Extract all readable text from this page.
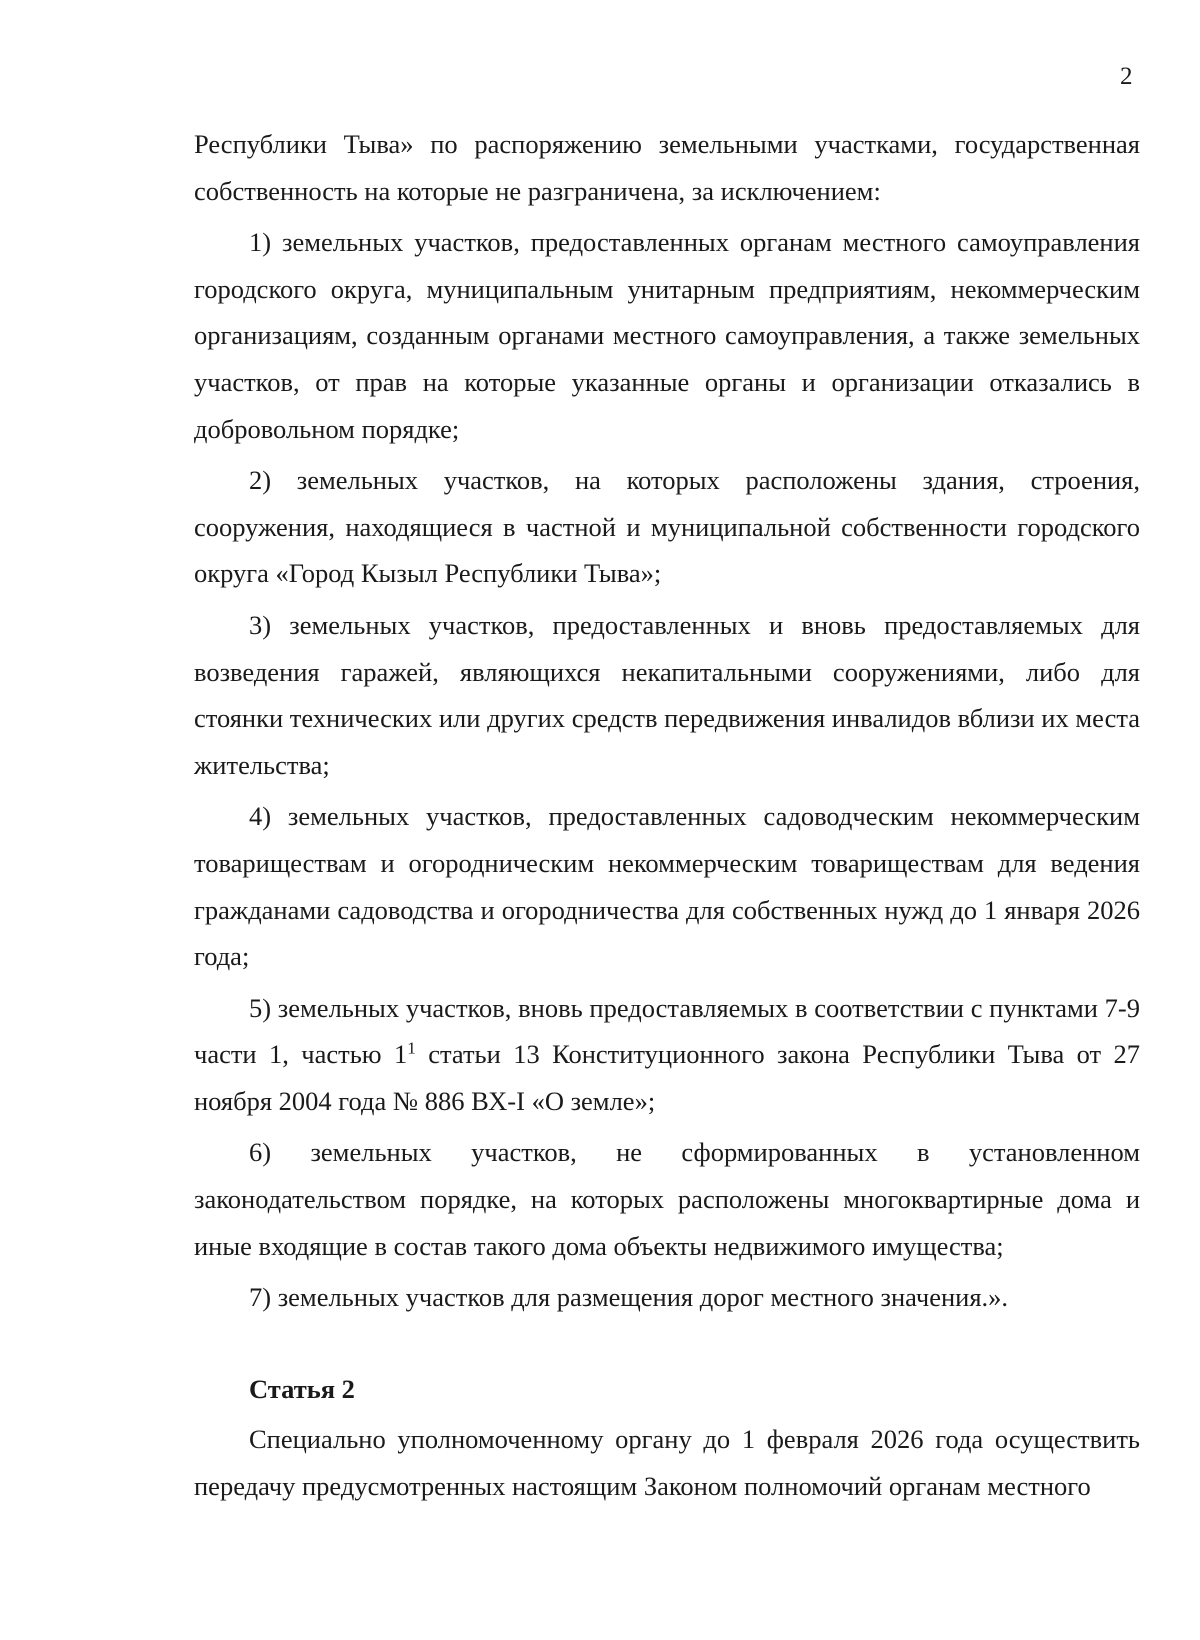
2

Республики Тыва» по распоряжению земельными участками, государственная собственность на которые не разграничена, за исключением:

1) земельных участков, предоставленных органам местного самоуправления городского округа, муниципальным унитарным предприятиям, некоммерческим организациям, созданным органами местного самоуправления, а также земельных участков, от прав на которые указанные органы и организации отказались в добровольном порядке;

2) земельных участков, на которых расположены здания, строения, сооружения, находящиеся в частной и муниципальной собственности городского округа «Город Кызыл Республики Тыва»;

3) земельных участков, предоставленных и вновь предоставляемых для возведения гаражей, являющихся некапитальными сооружениями, либо для стоянки технических или других средств передвижения инвалидов вблизи их места жительства;

4) земельных участков, предоставленных садоводческим некоммерческим товариществам и огородническим некоммерческим товариществам для ведения гражданами садоводства и огородничества для собственных нужд до 1 января 2026 года;

5) земельных участков, вновь предоставляемых в соответствии с пунктами 7-9 части 1, частью $1^1$ статьи 13 Конституционного закона Республики Тыва от 27 ноября 2004 года № 886 ВХ-I «О земле»;

6) земельных участков, не сформированных в установленном законодательством порядке, на которых расположены многоквартирные дома и иные входящие в состав такого дома объекты недвижимого имущества;

7) земельных участков для размещения дорог местного значения.».

Статья 2

Специально уполномоченному органу до 1 февраля 2026 года осуществить передачу предусмотренных настоящим Законом полномочий органам местного
